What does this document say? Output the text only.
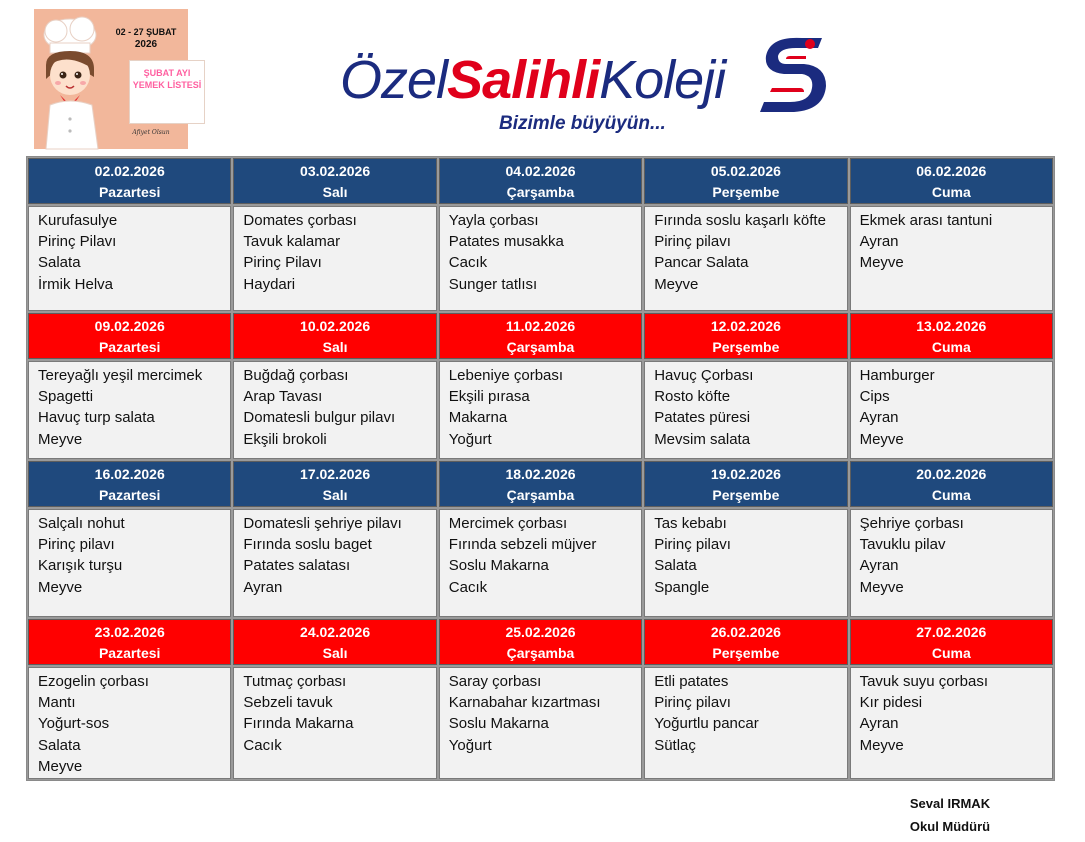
02 - 27 ŞUBAT
2026
ŞUBAT AYI YEMEK LİSTESİ
Afiyet Olsun
ÖzelSalihliKoleji
Bizimle büyüyün...
02.02.2026
Pazartesi
03.02.2026
Salı
04.02.2026
Çarşamba
05.02.2026
Perşembe
06.02.2026
Cuma
Kurufasulye
Pirinç Pilavı
Salata
İrmik Helva
Domates çorbası
Tavuk kalamar
Pirinç Pilavı
Haydari
Yayla çorbası
Patates musakka
Cacık
Sunger tatlısı
Fırında soslu kaşarlı köfte
Pirinç pilavı
Pancar Salata
Meyve
Ekmek arası tantuni
Ayran
Meyve
09.02.2026
Pazartesi
10.02.2026
Salı
11.02.2026
Çarşamba
12.02.2026
Perşembe
13.02.2026
Cuma
Tereyağlı yeşil mercimek
Spagetti
Havuç turp salata
Meyve
Buğdağ çorbası
Arap Tavası
Domatesli bulgur pilavı
Ekşili brokoli
Lebeniye çorbası
Ekşili pırasa
Makarna
Yoğurt
Havuç Çorbası
Rosto köfte
Patates püresi
Mevsim salata
Hamburger
Cips
Ayran
Meyve
16.02.2026
Pazartesi
17.02.2026
Salı
18.02.2026
Çarşamba
19.02.2026
Perşembe
20.02.2026
Cuma
Salçalı nohut
Pirinç pilavı
Karışık turşu
Meyve
Domatesli şehriye pilavı
Fırında soslu baget
Patates salatası
Ayran
Mercimek çorbası
Fırında sebzeli müjver
Soslu Makarna
Cacık
Tas kebabı
Pirinç pilavı
Salata
Spangle
Şehriye çorbası
Tavuklu pilav
Ayran
Meyve
23.02.2026
Pazartesi
24.02.2026
Salı
25.02.2026
Çarşamba
26.02.2026
Perşembe
27.02.2026
Cuma
Ezogelin çorbası
Mantı
Yoğurt-sos
Salata
Meyve
Tutmaç çorbası
Sebzeli tavuk
Fırında Makarna
Cacık
Saray çorbası
Karnabahar kızartması
Soslu Makarna
Yoğurt
Etli patates
Pirinç pilavı
Yoğurtlu pancar
Sütlaç
Tavuk suyu çorbası
Kır pidesi
Ayran
Meyve
Seval IRMAK
Okul Müdürü
